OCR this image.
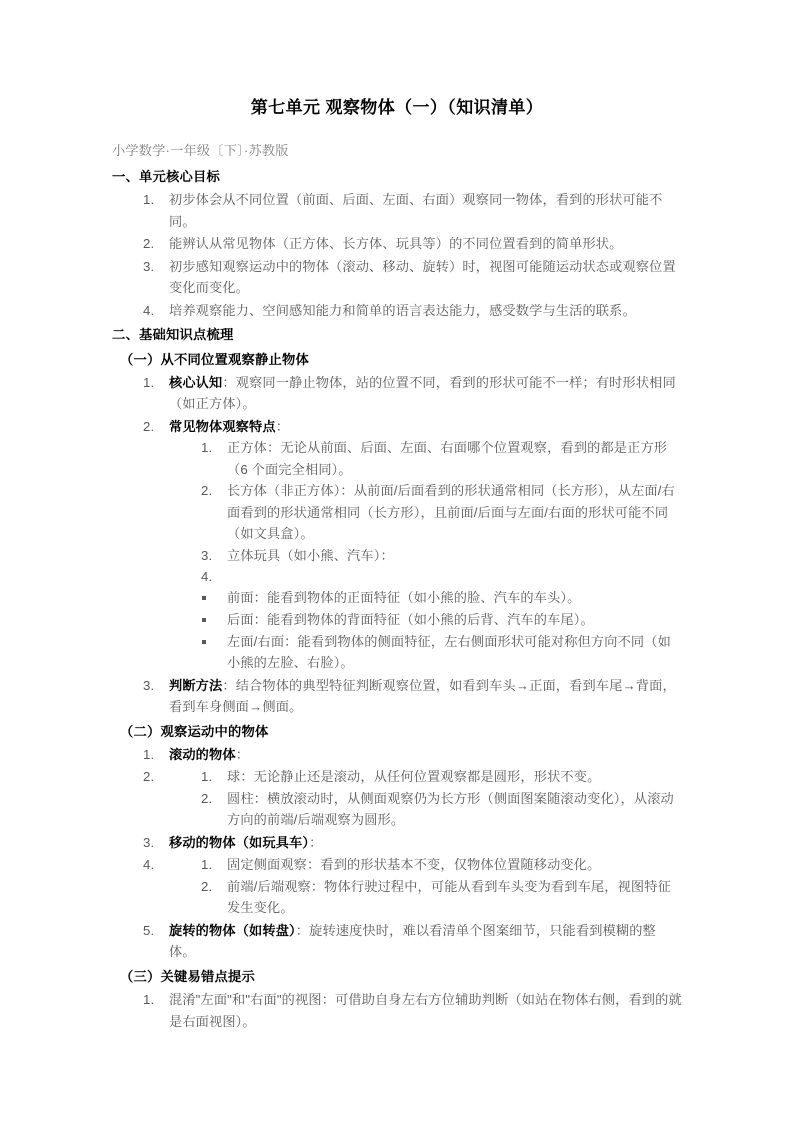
第七单元 观察物体（一）（知识清单）
小学数学·一年级〔下〕·苏教版
一、单元核心目标
初步体会从不同位置（前面、后面、左面、右面）观察同一物体，看到的形状可能不同。
能辨认从常见物体（正方体、长方体、玩具等）的不同位置看到的简单形状。
初步感知观察运动中的物体（滚动、移动、旋转）时，视图可能随运动状态或观察位置变化而变化。
培养观察能力、空间感知能力和简单的语言表达能力，感受数学与生活的联系。
二、基础知识点梳理
（一）从不同位置观察静止物体
核心认知：观察同一静止物体，站的位置不同，看到的形状可能不一样；有时形状相同（如正方体）。
常见物体观察特点：
正方体：无论从前面、后面、左面、右面哪个位置观察，看到的都是正方形（6 个面完全相同）。
长方体（非正方体）：从前面/后面看到的形状通常相同（长方形），从左面/右面看到的形状通常相同（长方形），且前面/后面与左面/右面的形状可能不同（如文具盒）。
立体玩具（如小熊、汽车）：
前面：能看到物体的正面特征（如小熊的脸、汽车的车头）。
后面：能看到物体的背面特征（如小熊的后背、汽车的车尾）。
左面/右面：能看到物体的侧面特征，左右侧面形状可能对称但方向不同（如小熊的左脸、右脸）。
判断方法：结合物体的典型特征判断观察位置，如看到车头→正面，看到车尾→背面，看到车身侧面→侧面。
（二）观察运动中的物体
滚动的物体：
球：无论静止还是滚动，从任何位置观察都是圆形，形状不变。
圆柱：横放滚动时，从侧面观察仍为长方形（侧面图案随滚动变化），从滚动方向的前端/后端观察为圆形。
移动的物体（如玩具车）：
固定侧面观察：看到的形状基本不变，仅物体位置随移动变化。
前端/后端观察：物体行驶过程中，可能从看到车头变为看到车尾，视图特征发生变化。
旋转的物体（如转盘）：旋转速度快时，难以看清单个图案细节，只能看到模糊的整体。
（三）关键易错点提示
混淆"左面"和"右面"的视图：可借助自身左右方位辅助判断（如站在物体右侧，看到的就是右面视图）。
